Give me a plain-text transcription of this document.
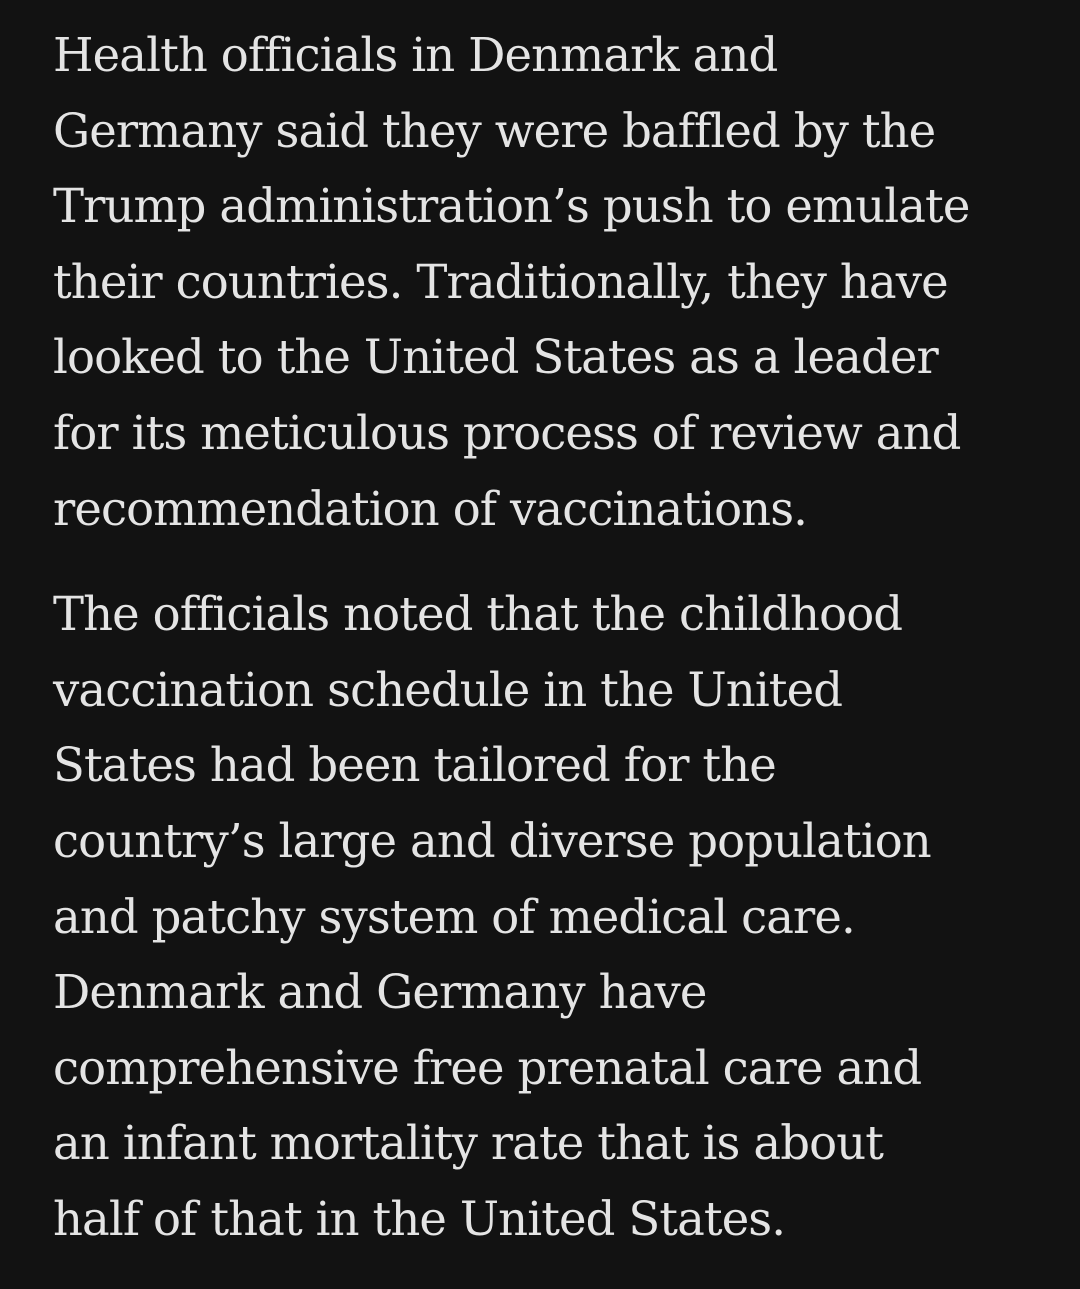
Health officials in Denmark and
Germany said they were baffled by the
Trump administration’s push to emulate
their countries. Traditionally, they have
looked to the United States as a leader
for its meticulous process of review and
recommendation of vaccinations.

The officials noted that the childhood
vaccination schedule in the United
States had been tailored for the
country’s large and diverse population
and patchy system of medical care.
Denmark and Germany have
comprehensive free prenatal care and
an infant mortality rate that is about
half of that in the United States.
